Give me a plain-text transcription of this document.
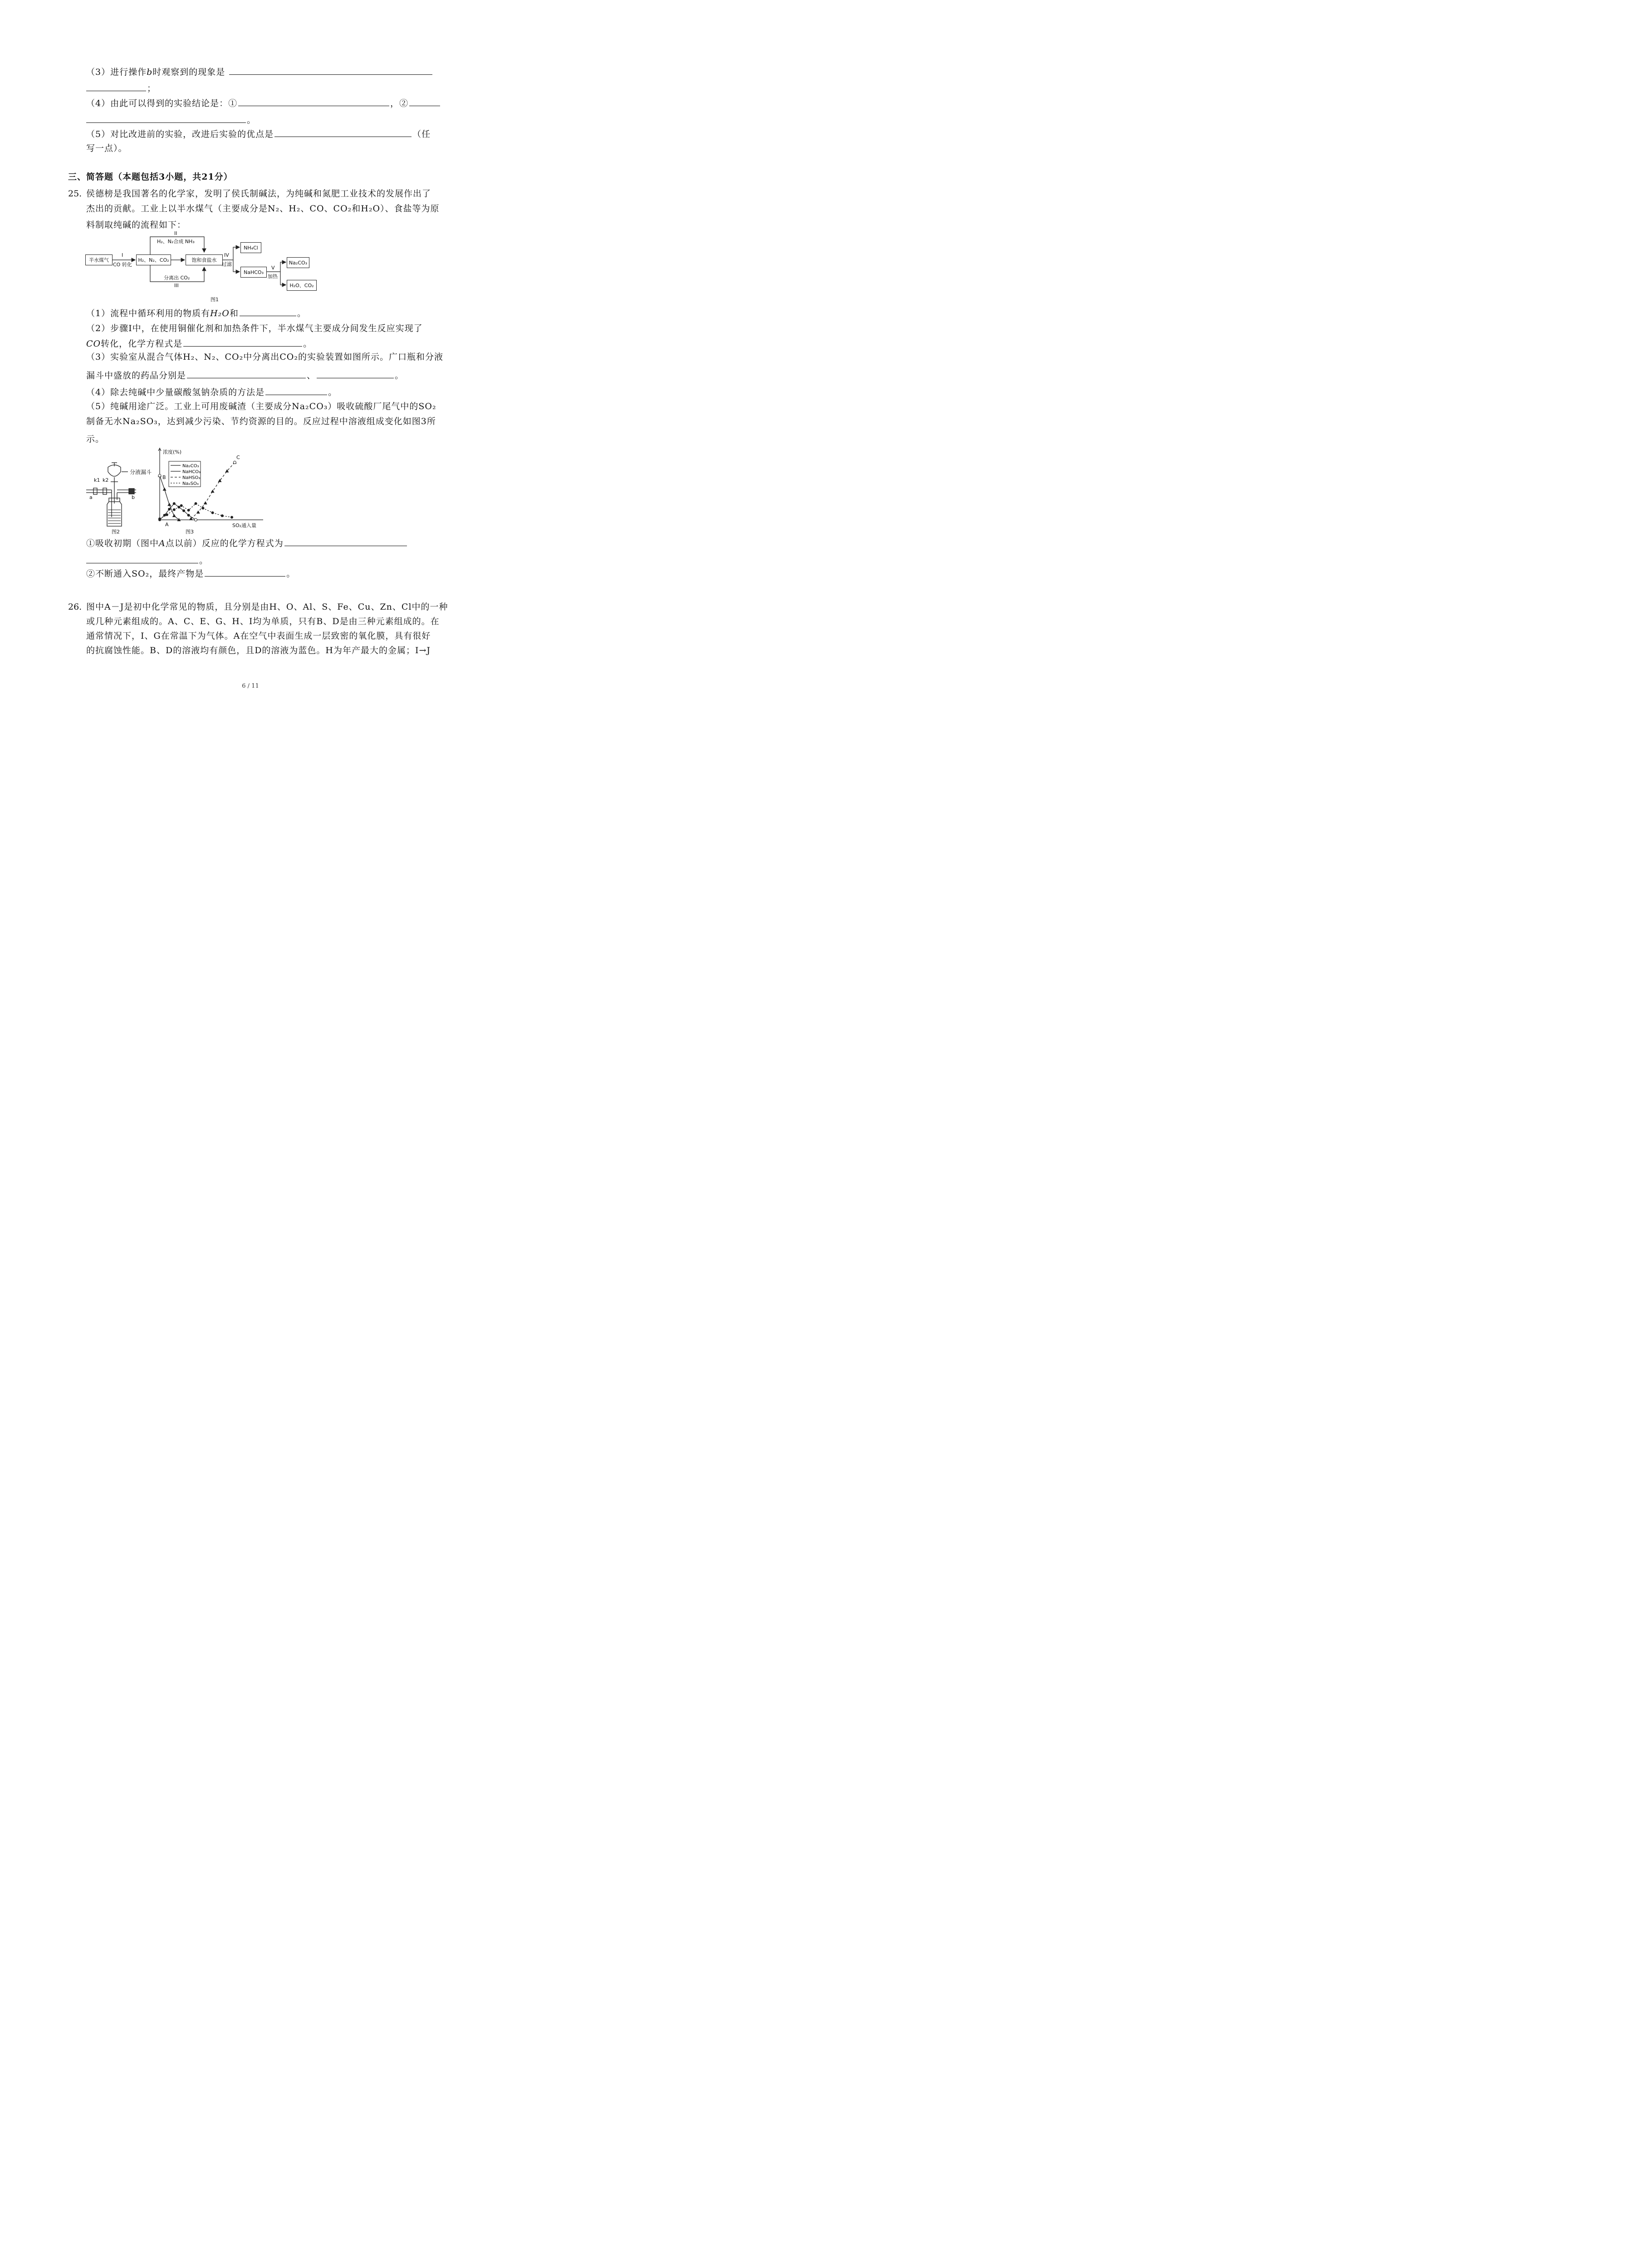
（3）进行操作b时观察到的现象是
；
（4）由此可以得到的实验结论是：①	，②
。
（5）对比改进前的实验，改进后实验的优点是	（任
写一点）。
三、简答题（本题包括3小题，共21分）
25. 侯德榜是我国著名的化学家，发明了侯氏制碱法，为纯碱和氮肥工业技术的发展作出了
杰出的贡献。工业上以半水煤气（主要成分是N₂、H₂、CO、CO₂和H₂O）、食盐等为原
料制取纯碱的流程如下：
半水煤气
I
CO 转化
H₂、N₂、CO₂
II
H₂、N₂合成 NH₃
饱和食盐水
IV
过滤
NH₄Cl
NaHCO₃
V
加热
Na₂CO₃
H₂O、CO₂
分离出 CO₂
III
图1
（1）流程中循环利用的物质有H₂O和	。
（2）步骤Ⅰ中，在使用铜催化剂和加热条件下，半水煤气主要成分间发生反应实现了
CO转化，化学方程式是	。
（3）实验室从混合气体H₂、N₂、CO₂中分离出CO₂的实验装置如图所示。广口瓶和分液
漏斗中盛放的药品分别是	、	。
（4）除去纯碱中少量碳酸氢钠杂质的方法是	。
（5）纯碱用途广泛。工业上可用废碱渣（主要成分Na₂CO₃）吸收硫酸厂尾气中的SO₂
制备无水Na₂SO₃，达到减少污染、节约资源的目的。反应过程中溶液组成变化如图3所
示。
分液漏斗
k1 k2
a	b
图2
Na₂CO₃
NaHCO₃
NaHSO₃
Na₂SO₃
浓度(%)
SO₂通入量
B
A
C
图3
①吸收初期（图中A点以前）反应的化学方程式为
。
②不断通入SO₂，最终产物是	。
26. 图中A－J是初中化学常见的物质，且分别是由H、O、Al、S、Fe、Cu、Zn、Cl中的一种
或几种元素组成的。A、C、E、G、H、I均为单质，只有B、D是由三种元素组成的。在
通常情况下，I、G在常温下为气体。A在空气中表面生成一层致密的氧化膜，具有很好
的抗腐蚀性能。B、D的溶液均有颜色，且D的溶液为蓝色。H为年产最大的金属；I→J
6 / 11
